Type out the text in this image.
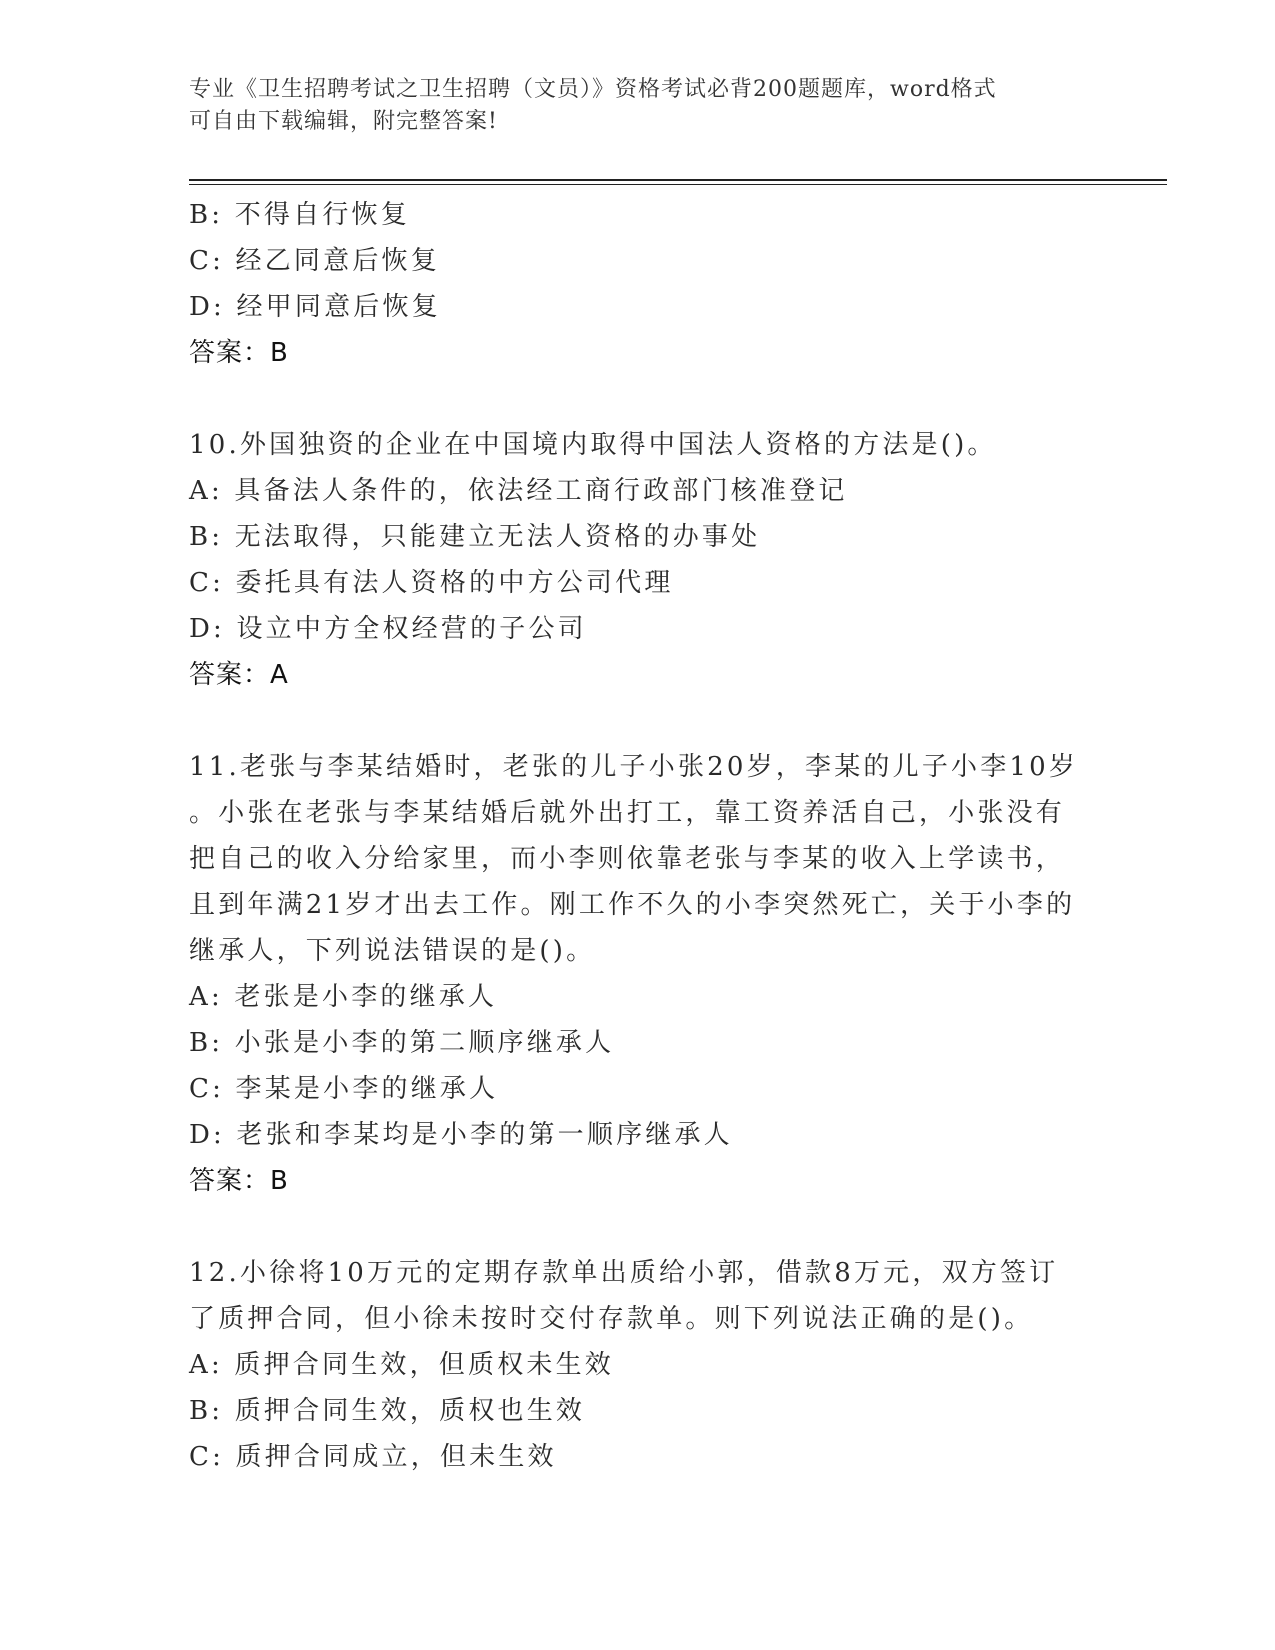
专业《卫生招聘考试之卫生招聘（文员）》资格考试必背200题题库，word格式
可自由下载编辑，附完整答案!
B: 不得自行恢复
C: 经乙同意后恢复
D: 经甲同意后恢复
答案：B
10.外国独资的企业在中国境内取得中国法人资格的方法是()。
A: 具备法人条件的，依法经工商行政部门核准登记
B: 无法取得，只能建立无法人资格的办事处
C: 委托具有法人资格的中方公司代理
D: 设立中方全权经营的子公司
答案：A
11.老张与李某结婚时，老张的儿子小张20岁，李某的儿子小李10岁
。小张在老张与李某结婚后就外出打工，靠工资养活自己，小张没有
把自己的收入分给家里，而小李则依靠老张与李某的收入上学读书，
且到年满21岁才出去工作。刚工作不久的小李突然死亡，关于小李的
继承人，下列说法错误的是()。
A: 老张是小李的继承人
B: 小张是小李的第二顺序继承人
C: 李某是小李的继承人
D: 老张和李某均是小李的第一顺序继承人
答案：B
12.小徐将10万元的定期存款单出质给小郭，借款8万元，双方签订
了质押合同，但小徐未按时交付存款单。则下列说法正确的是()。
A: 质押合同生效，但质权未生效
B: 质押合同生效，质权也生效
C: 质押合同成立，但未生效
